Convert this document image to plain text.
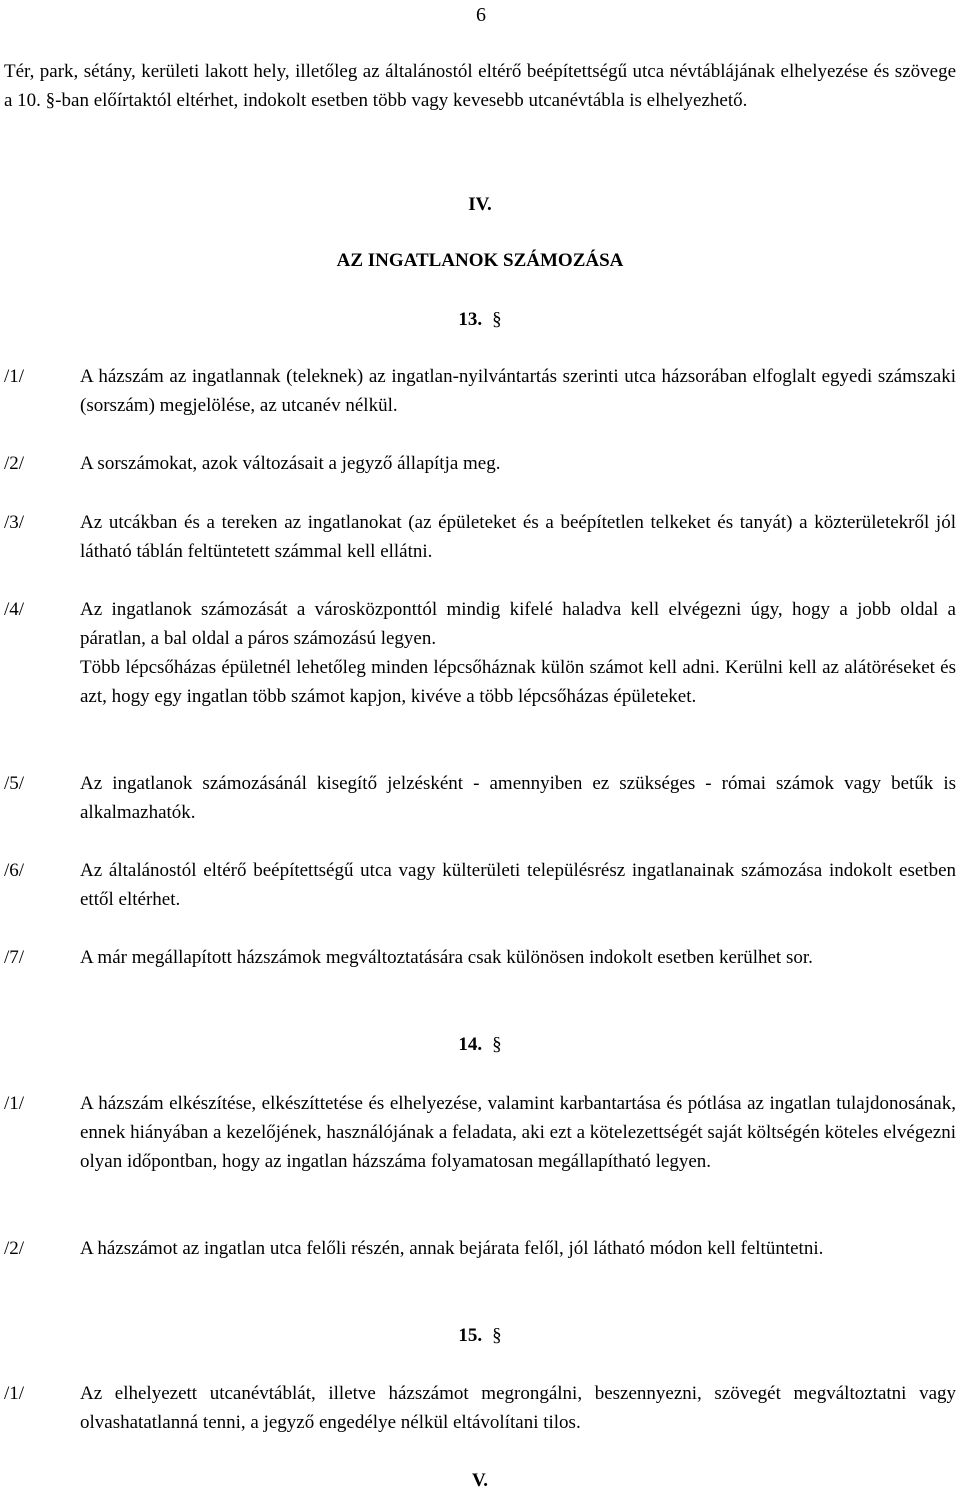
6

Tér, park, sétány, kerületi lakott hely, illetőleg az általánostól eltérő beépítettségű utca névtáblájának elhelyezése és szövege a 10. §-ban előírtaktól eltérhet, indokolt esetben több vagy kevesebb utcanévtábla is elhelyezhető.

IV.

AZ INGATLANOK SZÁMOZÁSA

13. §

/1/	A házszám az ingatlannak (teleknek) az ingatlan-nyilvántartás szerinti utca házsorában elfoglalt egyedi számszaki (sorszám) megjelölése, az utcanév nélkül.
/2/	A sorszámokat, azok változásait a jegyző állapítja meg.
/3/	Az utcákban és a tereken az ingatlanokat (az épületeket és a beépítetlen telkeket és tanyát) a közterületekről jól látható táblán feltüntetett számmal kell ellátni.
/4/	Az ingatlanok számozását a városközponttól mindig kifelé haladva kell elvégezni úgy, hogy a jobb oldal a páratlan, a bal oldal a páros számozású legyen.
Több lépcsőházas épületnél lehetőleg minden lépcsőháznak külön számot kell adni. Kerülni kell az alátöréseket és azt, hogy egy ingatlan több számot kapjon, kivéve a több lépcsőházas épületeket.
/5/	Az ingatlanok számozásánál kisegítő jelzésként - amennyiben ez szükséges - római számok vagy betűk is alkalmazhatók.
/6/	Az általánostól eltérő beépítettségű utca vagy külterületi településrész ingatlanainak számozása indokolt esetben ettől eltérhet.
/7/	A már megállapított házszámok megváltoztatására csak különösen indokolt esetben kerülhet sor.

14. §

/1/	A házszám elkészítése, elkészíttetése és elhelyezése, valamint karbantartása és pótlása az ingatlan tulajdonosának, ennek hiányában a kezelőjének, használójának a feladata, aki ezt a kötelezettségét saját költségén köteles elvégezni olyan időpontban, hogy az ingatlan házszáma folyamatosan megállapítható legyen.
/2/	A házszámot az ingatlan utca felőli részén, annak bejárata felől, jól látható módon kell feltüntetni.

15. §

/1/	Az elhelyezett utcanévtáblát, illetve házszámot megrongálni, beszennyezni, szövegét megváltoztatni vagy olvashatatlanná tenni, a jegyző engedélye nélkül eltávolítani tilos.

V.
